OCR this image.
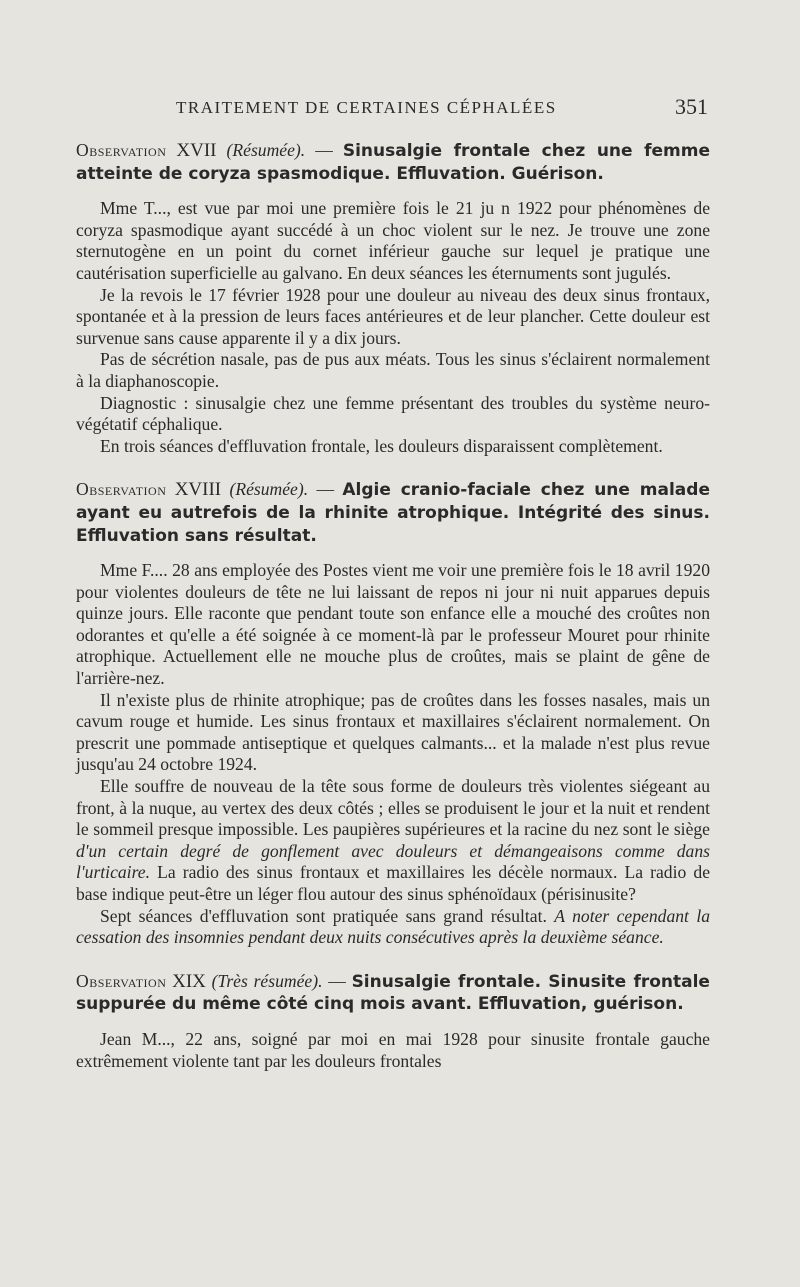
TRAITEMENT DE CERTAINES CÉPHALÉES	351
Observation XVII (Résumée). — Sinusalgie frontale chez une femme atteinte de coryza spasmodique. Effluvation. Guérison.

Mme T..., est vue par moi une première fois le 21 ju n 1922 pour phénomènes de coryza spasmodique ayant succédé à un choc violent sur le nez. Je trouve une zone sternutogène en un point du cornet inférieur gauche sur lequel je pratique une cautérisation superficielle au galvano. En deux séances les éternuments sont jugulés.

Je la revois le 17 février 1928 pour une douleur au niveau des deux sinus frontaux, spontanée et à la pression de leurs faces antérieures et de leur plancher. Cette douleur est survenue sans cause apparente il y a dix jours.

Pas de sécrétion nasale, pas de pus aux méats. Tous les sinus s'éclairent normalement à la diaphanoscopie.

Diagnostic : sinusalgie chez une femme présentant des troubles du système neuro-végétatif céphalique.

En trois séances d'effluvation frontale, les douleurs disparaissent complètement.

Observation XVIII (Résumée). — Algie cranio-faciale chez une malade ayant eu autrefois de la rhinite atrophique. Intégrité des sinus. Effluvation sans résultat.

Mme F.... 28 ans employée des Postes vient me voir une première fois le 18 avril 1920 pour violentes douleurs de tête ne lui laissant de repos ni jour ni nuit apparues depuis quinze jours. Elle raconte que pendant toute son enfance elle a mouché des croûtes non odorantes et qu'elle a été soignée à ce moment-là par le professeur Mouret pour rhinite atrophique. Actuellement elle ne mouche plus de croûtes, mais se plaint de gêne de l'arrière-nez.

Il n'existe plus de rhinite atrophique; pas de croûtes dans les fosses nasales, mais un cavum rouge et humide. Les sinus frontaux et maxillaires s'éclairent normalement. On prescrit une pommade antiseptique et quelques calmants... et la malade n'est plus revue jusqu'au 24 octobre 1924.

Elle souffre de nouveau de la tête sous forme de douleurs très violentes siégeant au front, à la nuque, au vertex des deux côtés ; elles se produisent le jour et la nuit et rendent le sommeil presque impossible. Les paupières supérieures et la racine du nez sont le siège d'un certain degré de gonflement avec douleurs et démangeaisons comme dans l'urticaire. La radio des sinus frontaux et maxillaires les décèle normaux. La radio de base indique peut-être un léger flou autour des sinus sphénoïdaux (périsinusite?

Sept séances d'effluvation sont pratiquée sans grand résultat. A noter cependant la cessation des insomnies pendant deux nuits consécutives après la deuxième séance.

Observation XIX (Très résumée). — Sinusalgie frontale. Sinusite frontale suppurée du même côté cinq mois avant. Effluvation, guérison.

Jean M..., 22 ans, soigné par moi en mai 1928 pour sinusite frontale gauche extrêmement violente tant par les douleurs frontales
